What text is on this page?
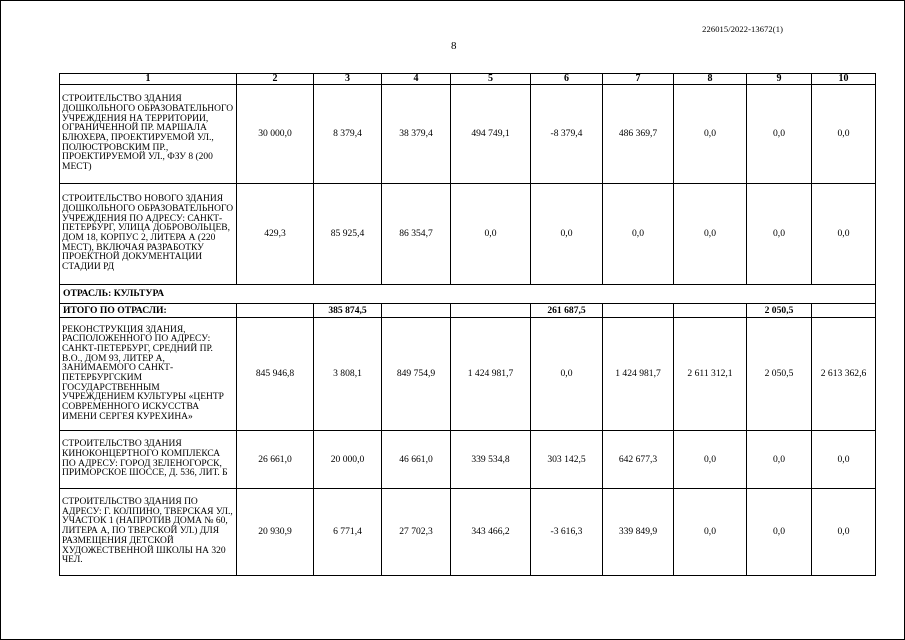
226015/2022-13672(1)
8
1	2	3	4	5	6	7	8	9	10
СТРОИТЕЛЬСТВО ЗДАНИЯ ДОШКОЛЬНОГО ОБРАЗОВАТЕЛЬНОГО УЧРЕЖДЕНИЯ НА ТЕРРИТОРИИ, ОГРАНИЧЕННОЙ ПР. МАРШАЛА БЛЮХЕРА, ПРОЕКТИРУЕМОЙ УЛ., ПОЛЮСТРОВСКИМ ПР., ПРОЕКТИРУЕМОЙ УЛ., ФЗУ 8 (200 МЕСТ)	30 000,0	8 379,4	38 379,4	494 749,1	-8 379,4	486 369,7	0,0	0,0	0,0
СТРОИТЕЛЬСТВО НОВОГО ЗДАНИЯ ДОШКОЛЬНОГО ОБРАЗОВАТЕЛЬНОГО УЧРЕЖДЕНИЯ ПО АДРЕСУ: САНКТ-ПЕТЕРБУРГ, УЛИЦА ДОБРОВОЛЬЦЕВ, ДОМ 18, КОРПУС 2, ЛИТЕРА А (220 МЕСТ), ВКЛЮЧАЯ РАЗРАБОТКУ ПРОЕКТНОЙ ДОКУМЕНТАЦИИ СТАДИИ РД	429,3	85 925,4	86 354,7	0,0	0,0	0,0	0,0	0,0	0,0
ОТРАСЛЬ: КУЛЬТУРА									
ИТОГО ПО ОТРАСЛИ:		385 874,5			261 687,5			2 050,5	
РЕКОНСТРУКЦИЯ ЗДАНИЯ, РАСПОЛОЖЕННОГО ПО АДРЕСУ: САНКТ-ПЕТЕРБУРГ, СРЕДНИЙ ПР. В.О., ДОМ 93, ЛИТЕР А, ЗАНИМАЕМОГО САНКТ-ПЕТЕРБУРГСКИМ ГОСУДАРСТВЕННЫМ УЧРЕЖДЕНИЕМ КУЛЬТУРЫ «ЦЕНТР СОВРЕМЕННОГО ИСКУССТВА ИМЕНИ СЕРГЕЯ КУРЕХИНА»	845 946,8	3 808,1	849 754,9	1 424 981,7	0,0	1 424 981,7	2 611 312,1	2 050,5	2 613 362,6
СТРОИТЕЛЬСТВО ЗДАНИЯ КИНОКОНЦЕРТНОГО КОМПЛЕКСА ПО АДРЕСУ: ГОРОД ЗЕЛЕНОГОРСК, ПРИМОРСКОЕ ШОССЕ, Д. 536, ЛИТ. Б	26 661,0	20 000,0	46 661,0	339 534,8	303 142,5	642 677,3	0,0	0,0	0,0
СТРОИТЕЛЬСТВО ЗДАНИЯ ПО АДРЕСУ: Г. КОЛПИНО, ТВЕРСКАЯ УЛ., УЧАСТОК 1 (НАПРОТИВ ДОМА № 60, ЛИТЕРА А, ПО ТВЕРСКОЙ УЛ.) ДЛЯ РАЗМЕЩЕНИЯ ДЕТСКОЙ ХУДОЖЕСТВЕННОЙ ШКОЛЫ НА 320 ЧЕЛ.	20 930,9	6 771,4	27 702,3	343 466,2	-3 616,3	339 849,9	0,0	0,0	0,0
